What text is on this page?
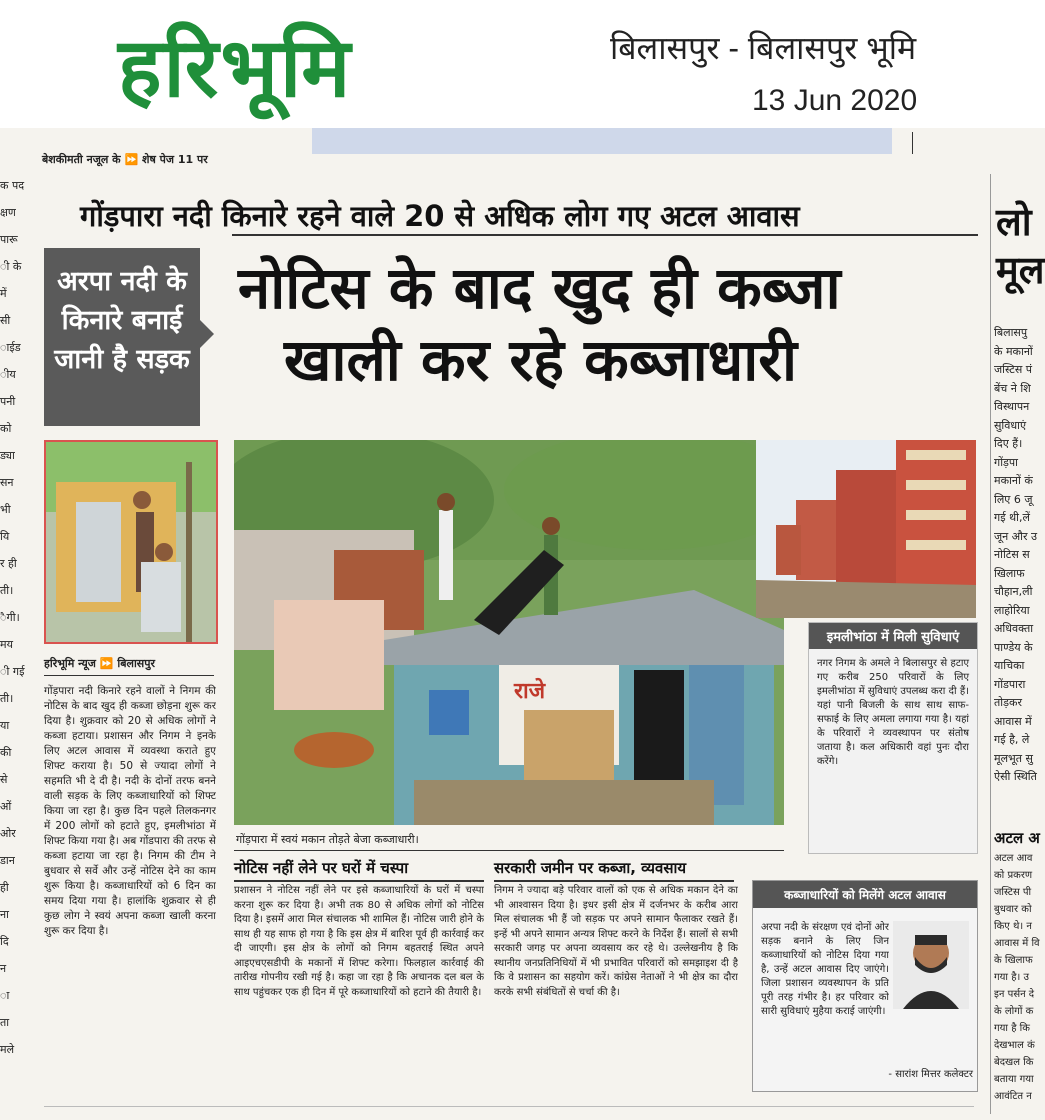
हरिभूमि	बिलासपुर - बिलासपुर भूमि
13 Jun 2020
बेशकीमती नजूल के ⏩ शेष पेज 11 पर
क पद
क्षण
पारू
ी के
में
सी
ाईड
ीय
पनी
को
ड्या
सन
भी
यि
र ही
ती।
ैगी।
मय
ी गई
ती।
या
की
से
ओं
ओर
डान
ही
ना
दि
न
ा
ता
मले
गोंड़पारा नदी किनारे रहने वाले 20 से अधिक लोग गए अटल आवास
अरपा नदी के किनारे बनाई जानी है सड़क
नोटिस के बाद खुद ही कब्जा
खाली कर रहे कब्जाधारी
हरिभूमि न्यूज ⏩ बिलासपुर
गोंड़पारा नदी किनारे रहने वालों ने निगम की नोटिस के बाद खुद ही कब्जा छोड़ना शुरू कर दिया है। शुक्रवार को 20 से अधिक लोगों ने कब्जा हटाया। प्रशासन और निगम ने इनके लिए अटल आवास में व्यवस्था कराते हुए शिफ्ट कराया है। 50 से ज्यादा लोगों ने सहमति भी दे दी है। नदी के दोनों तरफ बनने वाली सड़क के लिए कब्जाधारियों को शिफ्ट किया जा रहा है। कुछ दिन पहले तिलकनगर में 200 लोगों को हटाते हुए, इमलीभांठा में शिफ्ट किया गया है। अब गोंडपारा की तरफ से कब्जा हटाया जा रहा है। निगम की टीम ने बुधवार से सर्वे और उन्हें नोटिस देने का काम शुरू किया है। कब्जाधारियों को 6 दिन का समय दिया गया है। हालांकि शुक्रवार से ही कुछ लोग ने स्वयं अपना कब्जा खाली करना शुरू कर दिया है।
राजे
गोंड़पारा में स्वयं मकान तोड़ते बेजा कब्जाधारी।
इमलीभांठा में मिली सुविधाएं
नगर निगम के अमले ने बिलासपुर से हटाए गए करीब 250 परिवारों के लिए इमलीभांठा में सुविधाएं उपलब्ध करा दी हैं। यहां पानी बिजली के साथ साथ साफ- सफाई के लिए अमला लगाया गया है। यहां के परिवारों ने व्यवस्थापन पर संतोष जताया है। कल अधिकारी वहां पुनः दौरा करेंगे।
नोटिस नहीं लेने पर घरों में चस्पा
प्रशासन ने नोटिस नहीं लेने पर इसे कब्जाधारियों के घरों में चस्पा करना शुरू कर दिया है। अभी तक 80 से अधिक लोगों को नोटिस दिया है। इसमें आरा मिल संचालक भी शामिल हैं। नोटिस जारी होने के साथ ही यह साफ हो गया है कि इस क्षेत्र में बारिश पूर्व ही कार्रवाई कर दी जाएगी। इस क्षेत्र के लोगों को निगम बहतराई स्थित अपने आइएचएसडीपी के मकानों में शिफ्ट करेगा। फिलहाल कार्रवाई की तारीख गोपनीय रखी गई है। कहा जा रहा है कि अचानक दल बल के साथ पहुंचकर एक ही दिन में पूरे कब्जाधारियों को हटाने की तैयारी है।
सरकारी जमीन पर कब्जा, व्यवसाय
निगम ने ज्यादा बड़े परिवार वालों को एक से अधिक मकान देने का भी आश्वासन दिया है। इधर इसी क्षेत्र में दर्जनभर के करीब आरा मिल संचालक भी हैं जो सड़क पर अपने सामान फैलाकर रखते हैं। इन्हें भी अपने सामान अन्यत्र शिफ्ट करने के निर्देश हैं। सालों से सभी सरकारी जगह पर अपना व्यवसाय कर रहे थे। उल्लेखनीय है कि स्थानीय जनप्रतिनिधियों में भी प्रभावित परिवारों को समझाइश दी है कि वे प्रशासन का सहयोग करें। कांग्रेस नेताओं ने भी क्षेत्र का दौरा करके सभी संबंधितों से चर्चा की है।
कब्जाधारियों को मिलेंगे अटल आवास
अरपा नदी के संरक्षण एवं दोनों ओर सड़क बनाने के लिए जिन कब्जाधारियों को नोटिस दिया गया है, उन्हें अटल आवास दिए जाएंगे। जिला प्रशासन व्यवस्थापन के प्रति पूरी तरह गंभीर है। हर परिवार को सारी सुविधाएं मुहैया कराई जाएंगी।
- सारांश मित्तर कलेक्टर
लो
मूल
बिलासपु
के मकानों
जस्टिस पं
बेंच ने शि
विस्थापन
सुविधाएं
दिए हैं।
गोंड़पा
मकानों कं
लिए 6 जू
गई थी,लें
जून और उ
नोटिस स
खिलाफ
चौहान,ली
लाहोरिया
अधिवक्ता
पाण्डेय के
याचिका
गोंडपारा
तोड़कर
आवास में
गई है, ले
मूलभूत सु
ऐसी स्थिति
अटल अ
अटल आव
को प्रकरण
जस्टिस पी
बुधवार को
किए थे। न
आवास में वि
के खिलाफ
गया है। उ
इन पर्सन दे
के लोगों क
गया है कि
देखभाल कं
बेदखल कि
बताया गया
आवंटित न
